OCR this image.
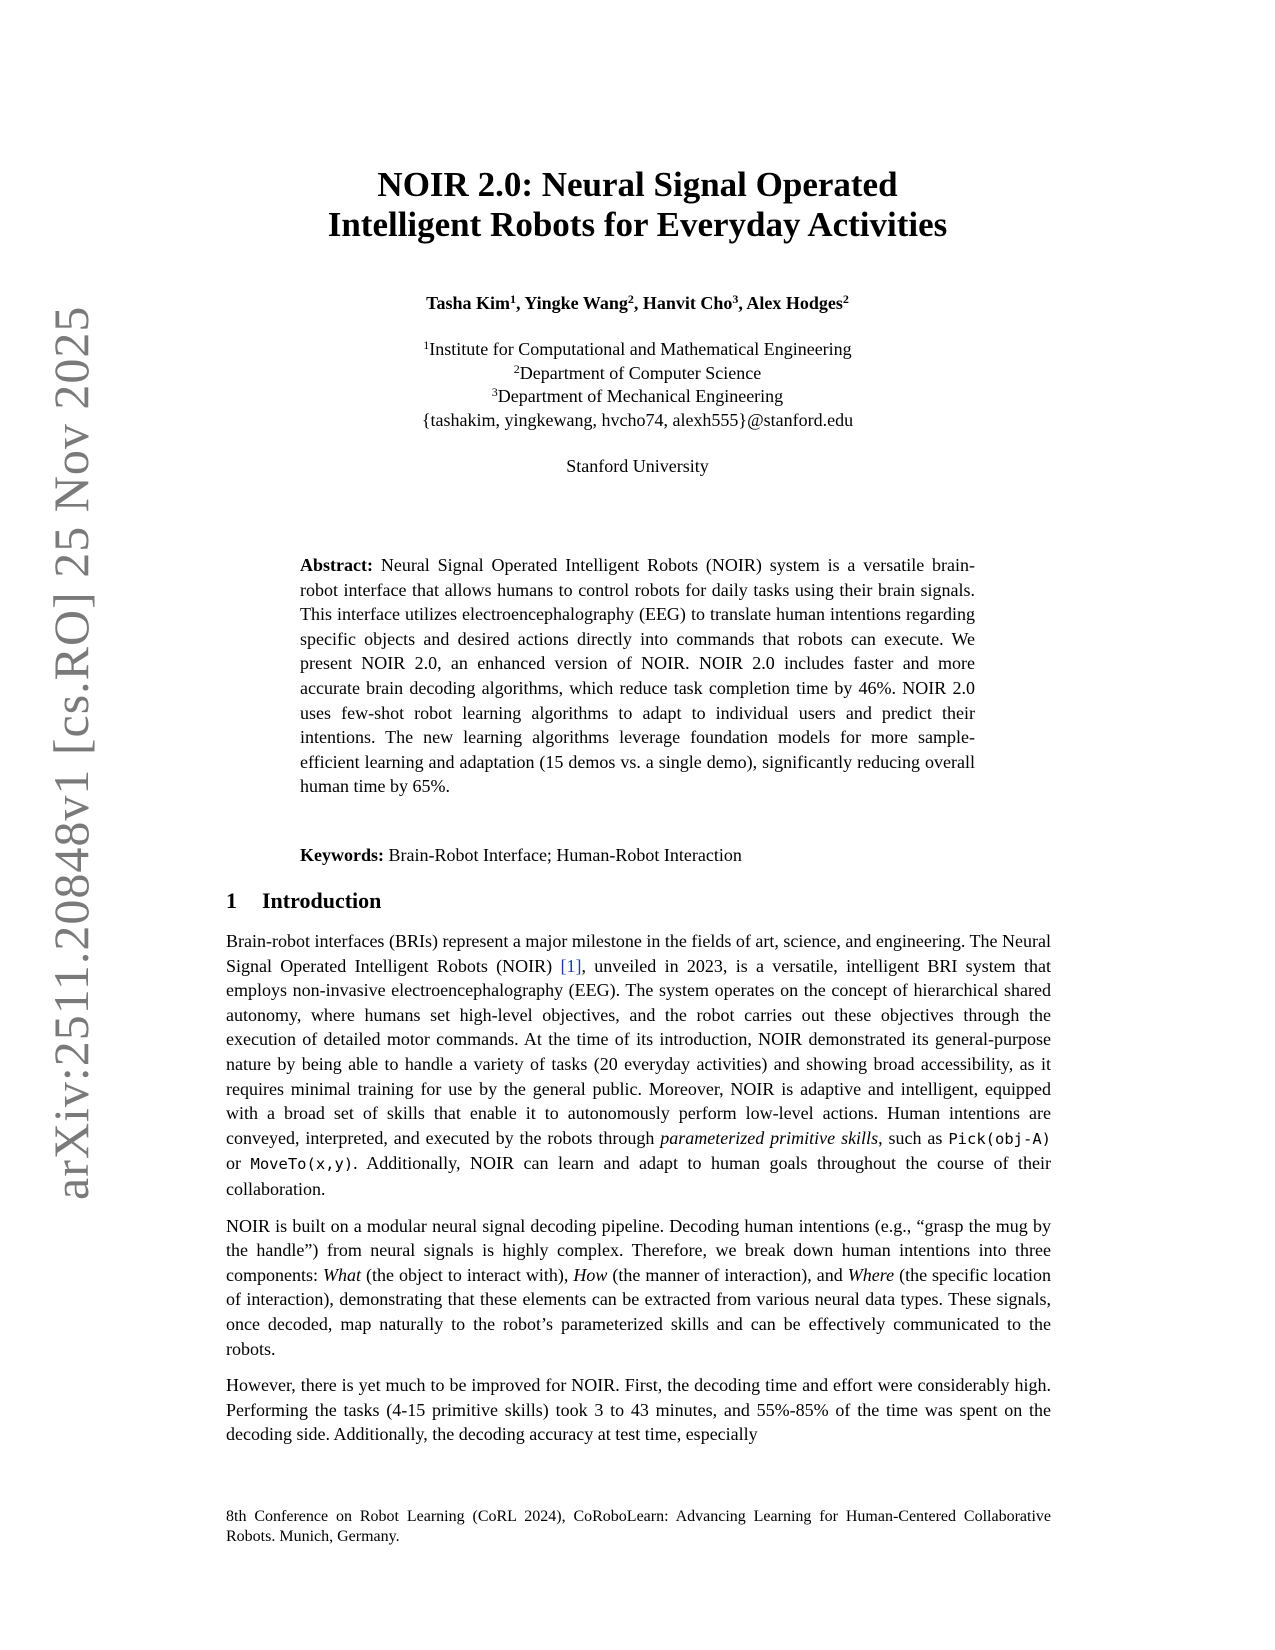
arXiv:2511.20848v1 [cs.RO] 25 Nov 2025
NOIR 2.0: Neural Signal Operated
Intelligent Robots for Everyday Activities
Tasha Kim$^1$, Yingke Wang$^2$, Hanvit Cho$^3$, Alex Hodges$^2$
$^1$Institute for Computational and Mathematical Engineering
$^2$Department of Computer Science
$^3$Department of Mechanical Engineering
{tashakim, yingkewang, hvcho74, alexh555}@stanford.edu
Stanford University
Abstract: Neural Signal Operated Intelligent Robots (NOIR) system is a versatile brain-robot interface that allows humans to control robots for daily tasks using their brain signals. This interface utilizes electroencephalography (EEG) to translate human intentions regarding specific objects and desired actions directly into commands that robots can execute. We present NOIR 2.0, an enhanced version of NOIR. NOIR 2.0 includes faster and more accurate brain decoding algorithms, which reduce task completion time by 46%. NOIR 2.0 uses few-shot robot learning algorithms to adapt to individual users and predict their intentions. The new learning algorithms leverage foundation models for more sample-efficient learning and adaptation (15 demos vs. a single demo), significantly reducing overall human time by 65%.
Keywords: Brain-Robot Interface; Human-Robot Interaction
1 Introduction

Brain-robot interfaces (BRIs) represent a major milestone in the fields of art, science, and engineering. The Neural Signal Operated Intelligent Robots (NOIR) [1], unveiled in 2023, is a versatile, intelligent BRI system that employs non-invasive electroencephalography (EEG). The system operates on the concept of hierarchical shared autonomy, where humans set high-level objectives, and the robot carries out these objectives through the execution of detailed motor commands. At the time of its introduction, NOIR demonstrated its general-purpose nature by being able to handle a variety of tasks (20 everyday activities) and showing broad accessibility, as it requires minimal training for use by the general public. Moreover, NOIR is adaptive and intelligent, equipped with a broad set of skills that enable it to autonomously perform low-level actions. Human intentions are conveyed, interpreted, and executed by the robots through parameterized primitive skills, such as Pick(obj-A) or MoveTo(x,y). Additionally, NOIR can learn and adapt to human goals throughout the course of their collaboration.

NOIR is built on a modular neural signal decoding pipeline. Decoding human intentions (e.g., “grasp the mug by the handle”) from neural signals is highly complex. Therefore, we break down human intentions into three components: What (the object to interact with), How (the manner of interaction), and Where (the specific location of interaction), demonstrating that these elements can be extracted from various neural data types. These signals, once decoded, map naturally to the robot’s parameterized skills and can be effectively communicated to the robots.

However, there is yet much to be improved for NOIR. First, the decoding time and effort were considerably high. Performing the tasks (4-15 primitive skills) took 3 to 43 minutes, and 55%-85% of the time was spent on the decoding side. Additionally, the decoding accuracy at test time, especially

8th Conference on Robot Learning (CoRL 2024), CoRoboLearn: Advancing Learning for Human-Centered Collaborative Robots. Munich, Germany.
